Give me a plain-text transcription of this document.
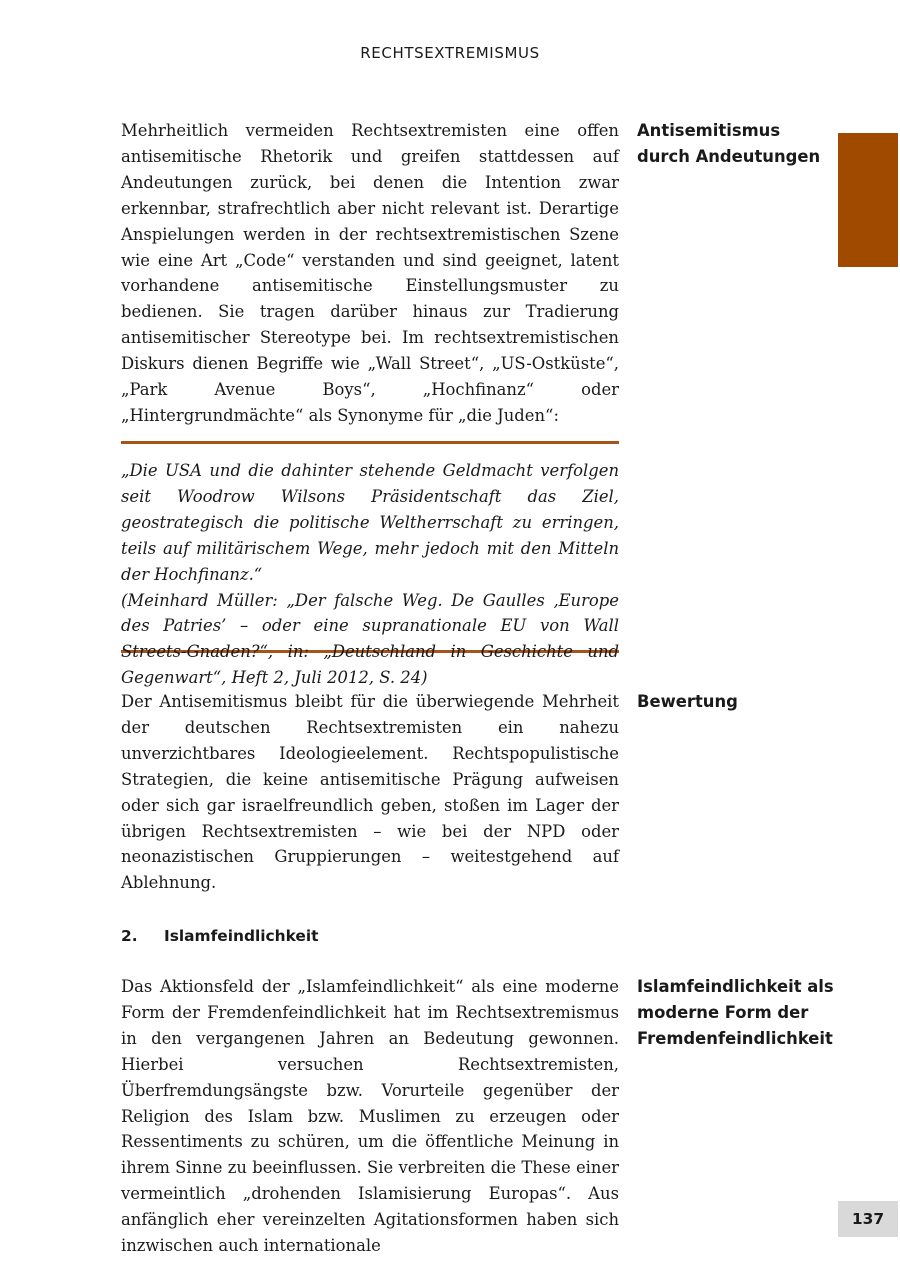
RECHTSEXTREMISMUS

Mehrheitlich vermeiden Rechtsextremisten eine offen antisemitische Rhetorik und greifen stattdessen auf Andeutungen zurück, bei denen die Intention zwar erkennbar, strafrechtlich aber nicht relevant ist. Derartige Anspielungen werden in der rechtsextremistischen Szene wie eine Art „Code“ verstanden und sind geeignet, latent vorhandene antisemitische Einstellungsmuster zu bedienen. Sie tragen darüber hinaus zur Tradierung antisemitischer Stereotype bei. Im rechtsextremistischen Diskurs dienen Begriffe wie „Wall Street“, „US-Ostküste“, „Park Avenue Boys“, „Hochfinanz“ oder „Hintergrundmächte“ als Synonyme für „die Juden“:

Antisemitismus durch Andeutungen

„Die USA und die dahinter stehende Geldmacht verfolgen seit Woodrow Wilsons Präsidentschaft das Ziel, geostrategisch die politische Weltherrschaft zu erringen, teils auf militärischem Wege, mehr jedoch mit den Mitteln der Hochfinanz.“

(Meinhard Müller: „Der falsche Weg. De Gaulles ‚Europe des Patries’ – oder eine supranationale EU von Wall Streets-Gnaden?“, in: „Deutschland in Geschichte und Gegenwart“, Heft 2, Juli 2012, S. 24)

Der Antisemitismus bleibt für die überwiegende Mehrheit der deutschen Rechtsextremisten ein nahezu unverzichtbares Ideologieelement. Rechtspopulistische Strategien, die keine antisemitische Prägung aufweisen oder sich gar israelfreundlich geben, stoßen im Lager der übrigen Rechtsextremisten – wie bei der NPD oder neonazistischen Gruppierungen – weitestgehend auf Ablehnung.

Bewertung
2. Islamfeindlichkeit

Das Aktionsfeld der „Islamfeindlichkeit“ als eine moderne Form der Fremdenfeindlichkeit hat im Rechtsextremismus in den vergangenen Jahren an Bedeutung gewonnen. Hierbei versuchen Rechtsextremisten, Überfremdungsängste bzw. Vorurteile gegenüber der Religion des Islam bzw. Muslimen zu erzeugen oder Ressentiments zu schüren, um die öffentliche Meinung in ihrem Sinne zu beeinflussen. Sie verbreiten die These einer vermeintlich „drohenden Islamisierung Europas“. Aus anfänglich eher vereinzelten Agitationsformen haben sich inzwischen auch internationale

Islamfeindlichkeit als moderne Form der Fremdenfeindlichkeit
137
